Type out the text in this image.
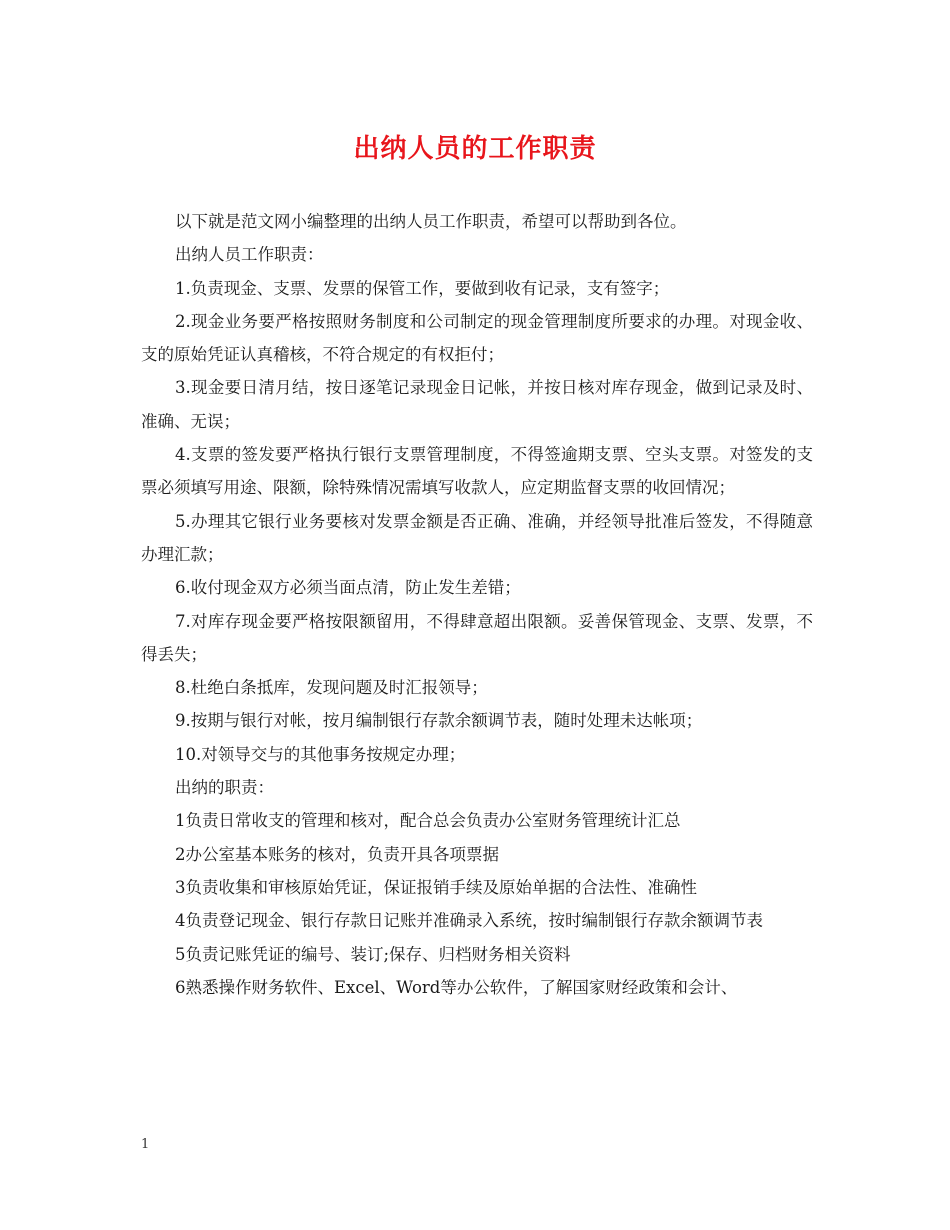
出纳人员的工作职责

以下就是范文网小编整理的出纳人员工作职责，希望可以帮助到各位。

出纳人员工作职责：

1.负责现金、支票、发票的保管工作，要做到收有记录，支有签字；

2.现金业务要严格按照财务制度和公司制定的现金管理制度所要求的办理。对现金收、支的原始凭证认真稽核，不符合规定的有权拒付；

3.现金要日清月结，按日逐笔记录现金日记帐，并按日核对库存现金，做到记录及时、准确、无误；

4.支票的签发要严格执行银行支票管理制度，不得签逾期支票、空头支票。对签发的支票必须填写用途、限额，除特殊情况需填写收款人，应定期监督支票的收回情况；

5.办理其它银行业务要核对发票金额是否正确、准确，并经领导批准后签发，不得随意办理汇款；

6.收付现金双方必须当面点清，防止发生差错；

7.对库存现金要严格按限额留用，不得肆意超出限额。妥善保管现金、支票、发票，不得丢失；

8.杜绝白条抵库，发现问题及时汇报领导；

9.按期与银行对帐，按月编制银行存款余额调节表，随时处理未达帐项；

10.对领导交与的其他事务按规定办理；

出纳的职责：

1负责日常收支的管理和核对，配合总会负责办公室财务管理统计汇总

2办公室基本账务的核对，负责开具各项票据

3负责收集和审核原始凭证，保证报销手续及原始单据的合法性、准确性

4负责登记现金、银行存款日记账并准确录入系统，按时编制银行存款余额调节表

5负责记账凭证的编号、装订;保存、归档财务相关资料

6熟悉操作财务软件、Excel、Word等办公软件，了解国家财经政策和会计、

1
